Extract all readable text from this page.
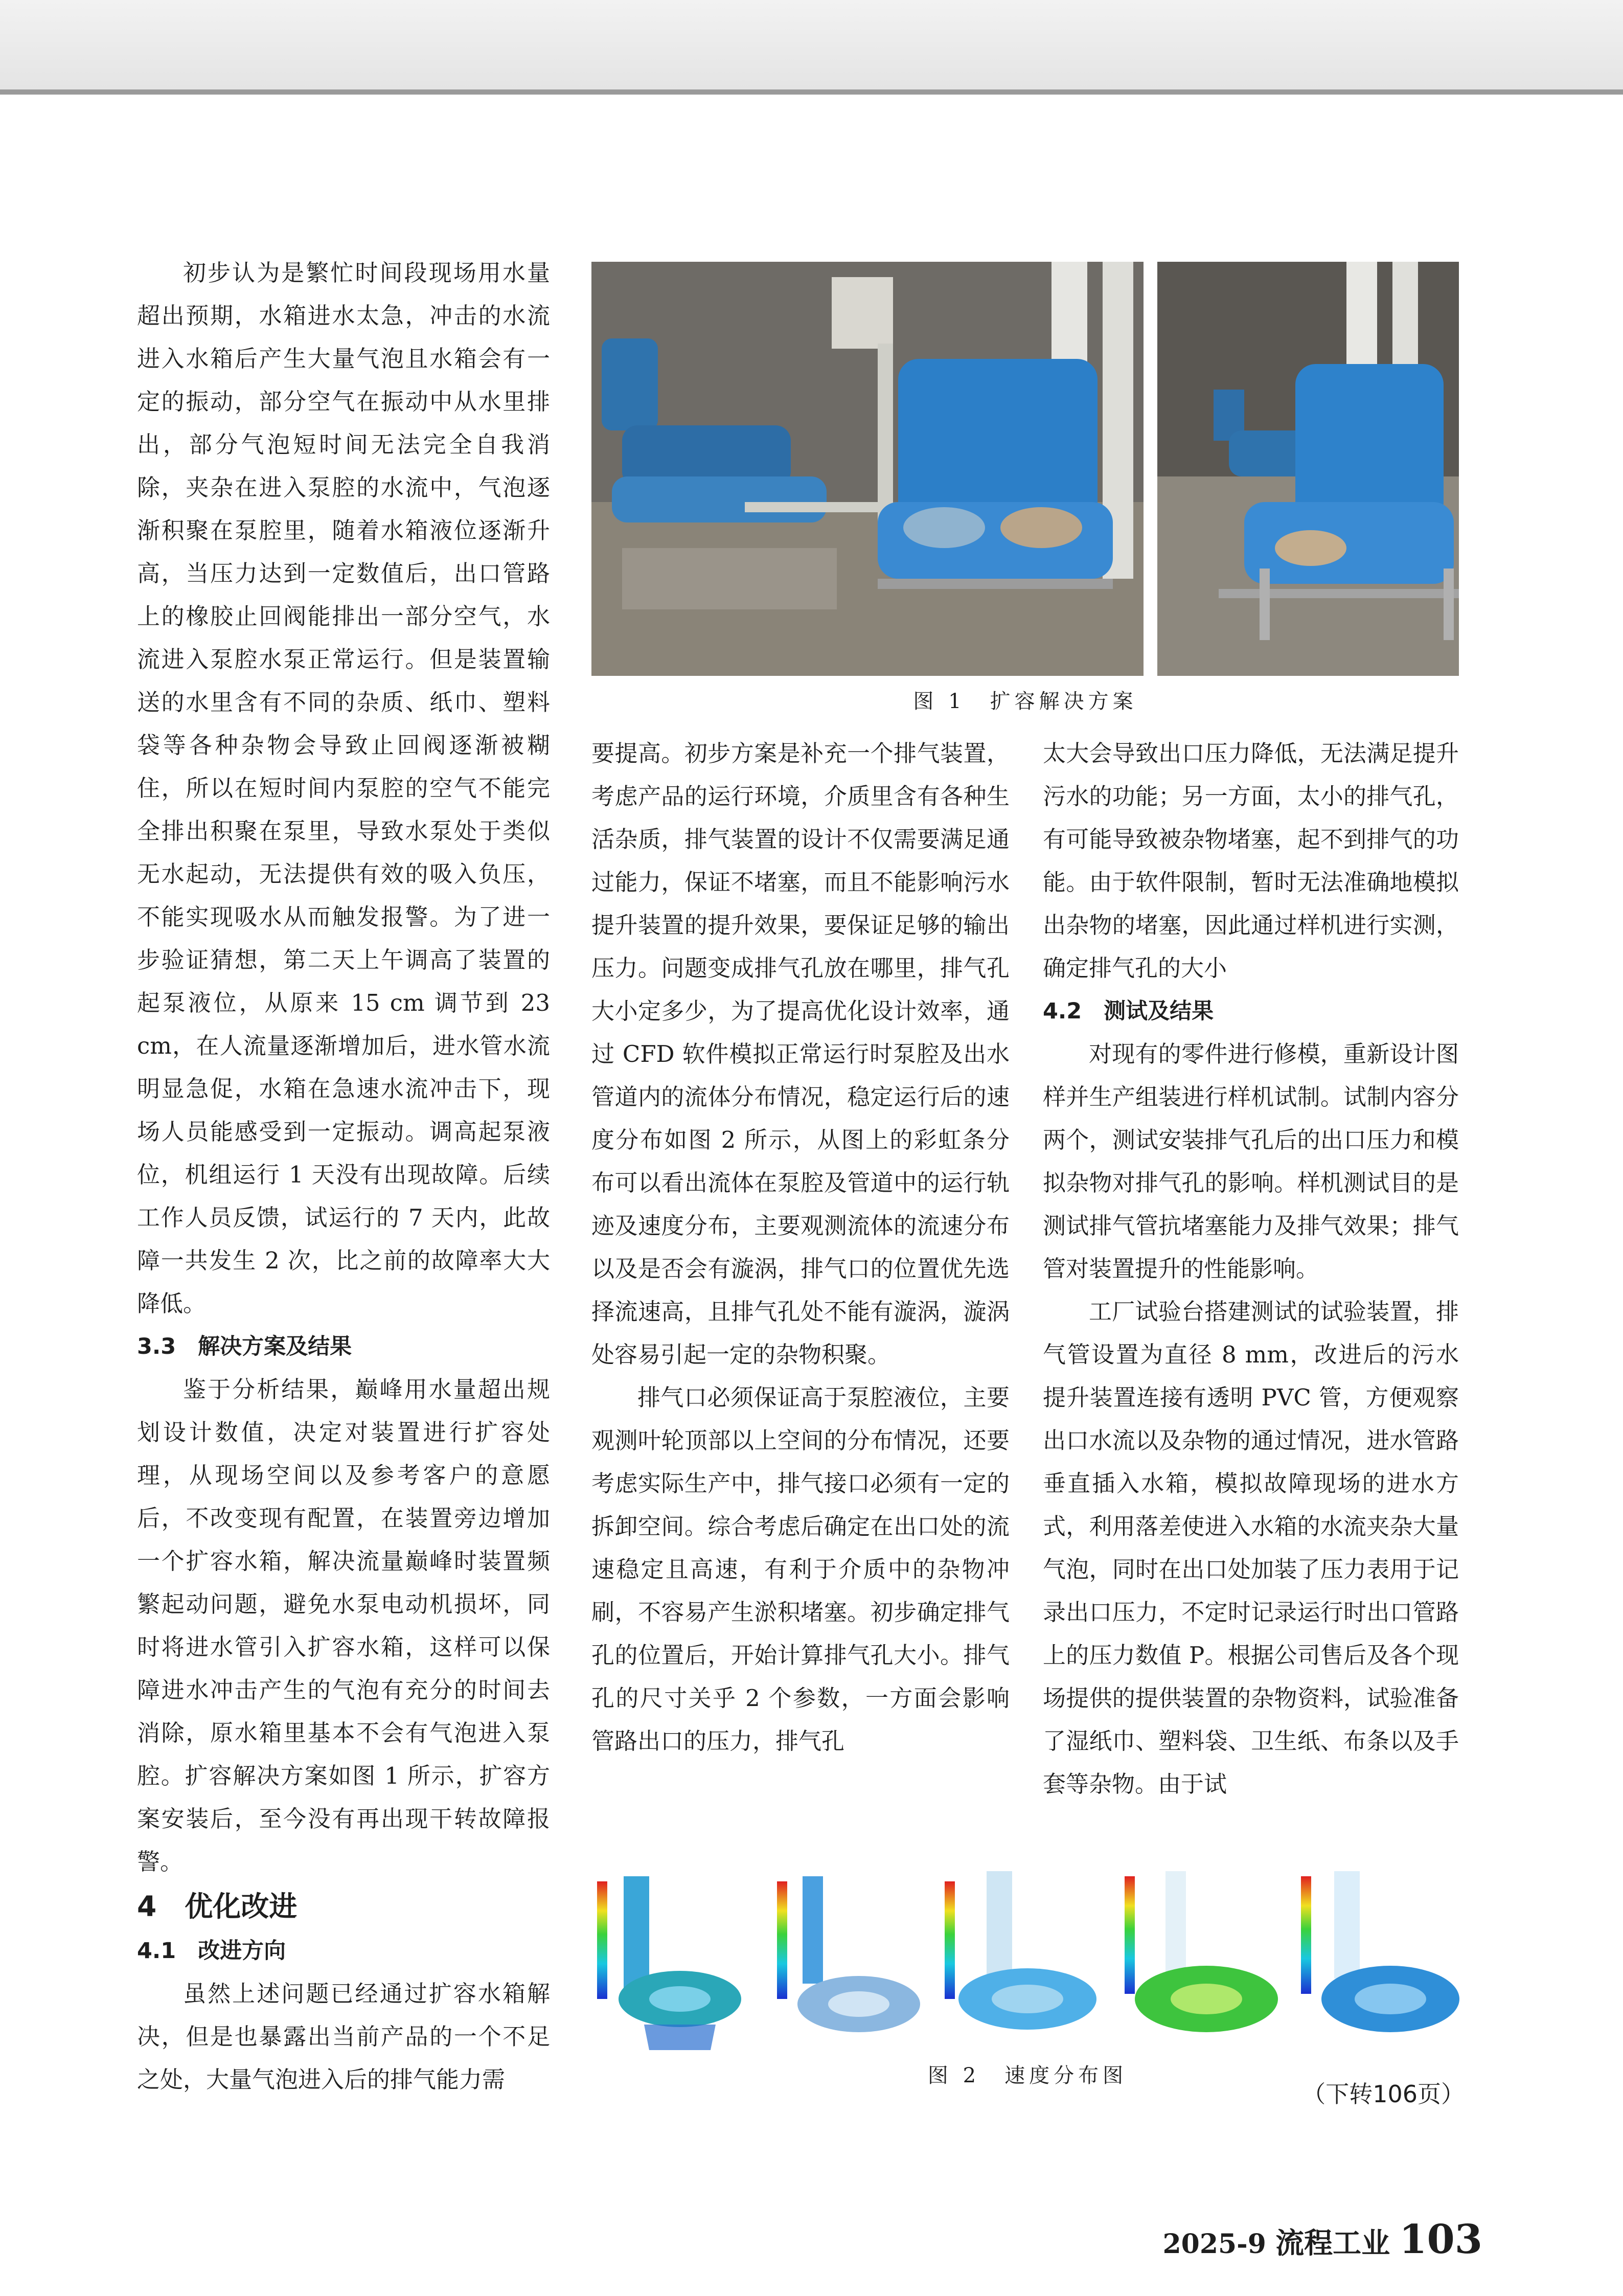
初步认为是繁忙时间段现场用水量超出预期，水箱进水太急，冲击的水流进入水箱后产生大量气泡且水箱会有一定的振动，部分空气在振动中从水里排出，部分气泡短时间无法完全自我消除，夹杂在进入泵腔的水流中，气泡逐渐积聚在泵腔里，随着水箱液位逐渐升高，当压力达到一定数值后，出口管路上的橡胶止回阀能排出一部分空气，水流进入泵腔水泵正常运行。但是装置输送的水里含有不同的杂质、纸巾、塑料袋等各种杂物会导致止回阀逐渐被糊住，所以在短时间内泵腔的空气不能完全排出积聚在泵里，导致水泵处于类似无水起动，无法提供有效的吸入负压，不能实现吸水从而触发报警。为了进一步验证猜想，第二天上午调高了装置的起泵液位，从原来 15 cm 调节到 23 cm，在人流量逐渐增加后，进水管水流明显急促，水箱在急速水流冲击下，现场人员能感受到一定振动。调高起泵液位，机组运行 1 天没有出现故障。后续工作人员反馈，试运行的 7 天内，此故障一共发生 2 次，比之前的故障率大大降低。

3.3　解决方案及结果

鉴于分析结果，巅峰用水量超出规划设计数值，决定对装置进行扩容处理，从现场空间以及参考客户的意愿后，不改变现有配置，在装置旁边增加一个扩容水箱，解决流量巅峰时装置频繁起动问题，避免水泵电动机损坏，同时将进水管引入扩容水箱，这样可以保障进水冲击产生的气泡有充分的时间去消除，原水箱里基本不会有气泡进入泵腔。扩容解决方案如图 1 所示，扩容方案安装后，至今没有再出现干转故障报警。

4　优化改进

4.1　改进方向

虽然上述问题已经通过扩容水箱解决，但是也暴露出当前产品的一个不足之处，大量气泡进入后的排气能力需

图 1　扩容解决方案

要提高。初步方案是补充一个排气装置，考虑产品的运行环境，介质里含有各种生活杂质，排气装置的设计不仅需要满足通过能力，保证不堵塞，而且不能影响污水提升装置的提升效果，要保证足够的输出压力。问题变成排气孔放在哪里，排气孔大小定多少，为了提高优化设计效率，通过 CFD 软件模拟正常运行时泵腔及出水管道内的流体分布情况，稳定运行后的速度分布如图 2 所示，从图上的彩虹条分布可以看出流体在泵腔及管道中的运行轨迹及速度分布，主要观测流体的流速分布以及是否会有漩涡，排气口的位置优先选择流速高，且排气孔处不能有漩涡，漩涡处容易引起一定的杂物积聚。

排气口必须保证高于泵腔液位，主要观测叶轮顶部以上空间的分布情况，还要考虑实际生产中，排气接口必须有一定的拆卸空间。综合考虑后确定在出口处的流速稳定且高速，有利于介质中的杂物冲刷，不容易产生淤积堵塞。初步确定排气孔的位置后，开始计算排气孔大小。排气孔的尺寸关乎 2 个参数，一方面会影响管路出口的压力，排气孔

太大会导致出口压力降低，无法满足提升污水的功能；另一方面，太小的排气孔，有可能导致被杂物堵塞，起不到排气的功能。由于软件限制，暂时无法准确地模拟出杂物的堵塞，因此通过样机进行实测，确定排气孔的大小

4.2　测试及结果

对现有的零件进行修模，重新设计图样并生产组装进行样机试制。试制内容分两个，测试安装排气孔后的出口压力和模拟杂物对排气孔的影响。样机测试目的是测试排气管抗堵塞能力及排气效果；排气管对装置提升的性能影响。

工厂试验台搭建测试的试验装置，排气管设置为直径 8 mm，改进后的污水提升装置连接有透明 PVC 管，方便观察出口水流以及杂物的通过情况，进水管路垂直插入水箱，模拟故障现场的进水方式，利用落差使进入水箱的水流夹杂大量气泡，同时在出口处加装了压力表用于记录出口压力，不定时记录运行时出口管路上的压力数值 P。根据公司售后及各个现场提供的提供装置的杂物资料，试验准备了湿纸巾、塑料袋、卫生纸、布条以及手套等杂物。由于试

图 2　速度分布图
（下转106页）
2025-9 流程工业 103
